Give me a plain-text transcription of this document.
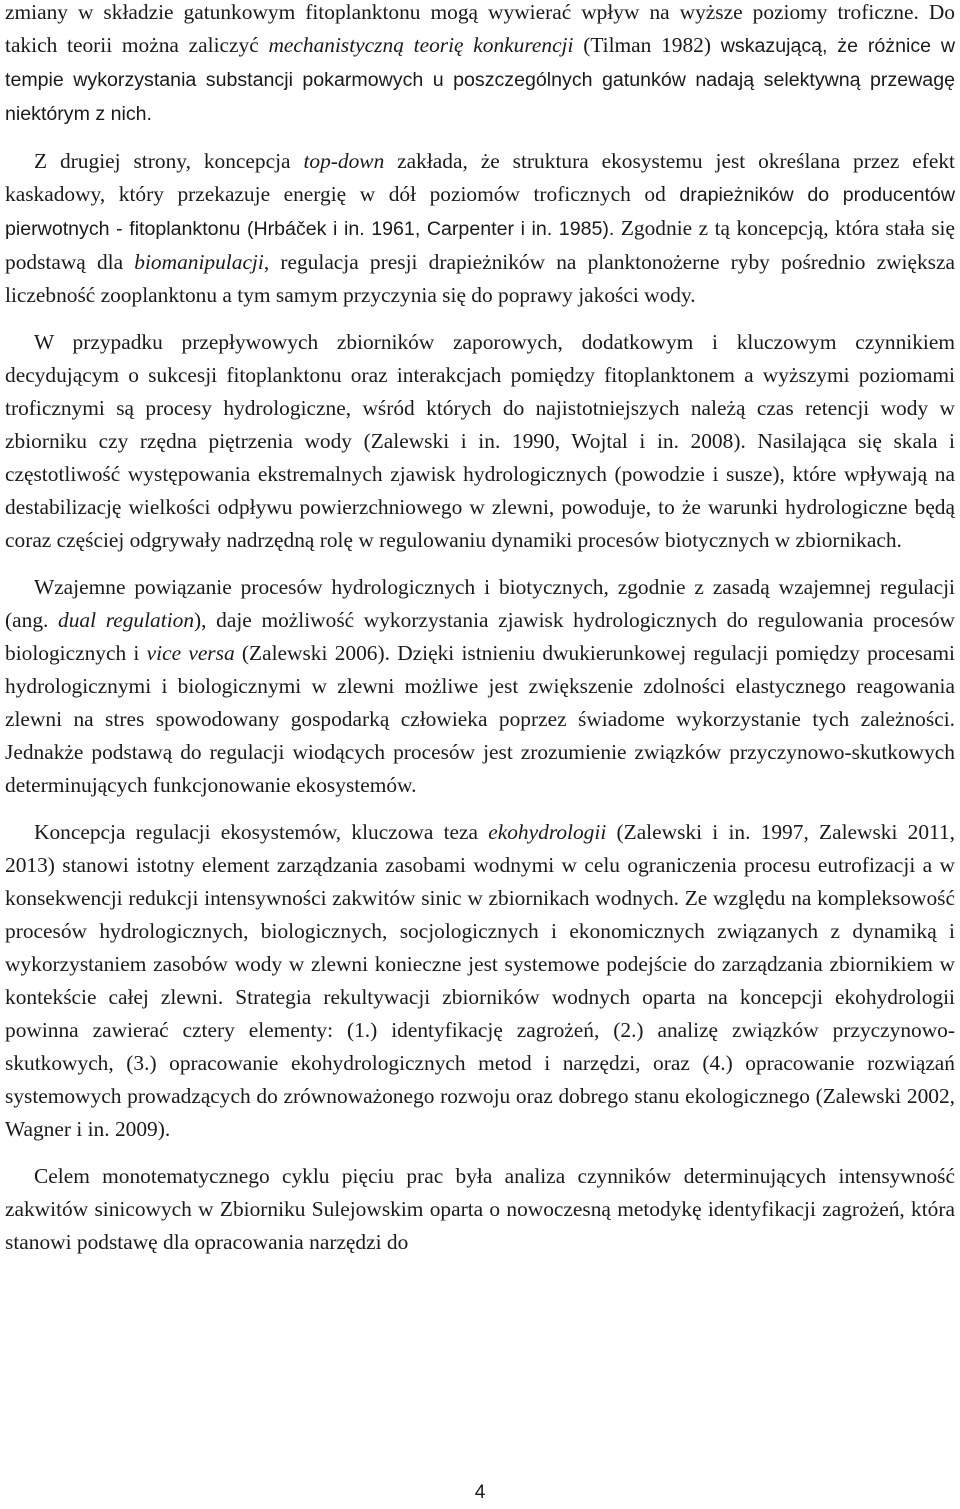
zmiany w składzie gatunkowym fitoplanktonu mogą wywierać wpływ na wyższe poziomy troficzne. Do takich teorii można zaliczyć mechanistyczną teorię konkurencji (Tilman 1982) wskazującą, że różnice w tempie wykorzystania substancji pokarmowych u poszczególnych gatunków nadają selektywną przewagę niektórym z nich.

Z drugiej strony, koncepcja top-down zakłada, że struktura ekosystemu jest określana przez efekt kaskadowy, który przekazuje energię w dół poziomów troficznych od drapieżników do producentów pierwotnych - fitoplanktonu (Hrbáček i in. 1961, Carpenter i in. 1985). Zgodnie z tą koncepcją, która stała się podstawą dla biomanipulacji, regulacja presji drapieżników na planktonożerne ryby pośrednio zwiększa liczebność zooplanktonu a tym samym przyczynia się do poprawy jakości wody.

W przypadku przepływowych zbiorników zaporowych, dodatkowym i kluczowym czynnikiem decydującym o sukcesji fitoplanktonu oraz interakcjach pomiędzy fitoplanktonem a wyższymi poziomami troficznymi są procesy hydrologiczne, wśród których do najistotniejszych należą czas retencji wody w zbiorniku czy rzędna piętrzenia wody (Zalewski i in. 1990, Wojtal i in. 2008). Nasilająca się skala i częstotliwość występowania ekstremalnych zjawisk hydrologicznych (powodzie i susze), które wpływają na destabilizację wielkości odpływu powierzchniowego w zlewni, powoduje, to że warunki hydrologiczne będą coraz częściej odgrywały nadrzędną rolę w regulowaniu dynamiki procesów biotycznych w zbiornikach.

Wzajemne powiązanie procesów hydrologicznych i biotycznych, zgodnie z zasadą wzajemnej regulacji (ang. dual regulation), daje możliwość wykorzystania zjawisk hydrologicznych do regulowania procesów biologicznych i vice versa (Zalewski 2006). Dzięki istnieniu dwukierunkowej regulacji pomiędzy procesami hydrologicznymi i biologicznymi w zlewni możliwe jest zwiększenie zdolności elastycznego reagowania zlewni na stres spowodowany gospodarką człowieka poprzez świadome wykorzystanie tych zależności. Jednakże podstawą do regulacji wiodących procesów jest zrozumienie związków przyczynowo-skutkowych determinujących funkcjonowanie ekosystemów.

Koncepcja regulacji ekosystemów, kluczowa teza ekohydrologii (Zalewski i in. 1997, Zalewski 2011, 2013) stanowi istotny element zarządzania zasobami wodnymi w celu ograniczenia procesu eutrofizacji a w konsekwencji redukcji intensywności zakwitów sinic w zbiornikach wodnych. Ze względu na kompleksowość procesów hydrologicznych, biologicznych, socjologicznych i ekonomicznych związanych z dynamiką i wykorzystaniem zasobów wody w zlewni konieczne jest systemowe podejście do zarządzania zbiornikiem w kontekście całej zlewni. Strategia rekultywacji zbiorników wodnych oparta na koncepcji ekohydrologii powinna zawierać cztery elementy: (1.) identyfikację zagrożeń, (2.) analizę związków przyczynowo-skutkowych, (3.) opracowanie ekohydrologicznych metod i narzędzi, oraz (4.) opracowanie rozwiązań systemowych prowadzących do zrównoważonego rozwoju oraz dobrego stanu ekologicznego (Zalewski 2002, Wagner i in. 2009).

Celem monotematycznego cyklu pięciu prac była analiza czynników determinujących intensywność zakwitów sinicowych w Zbiorniku Sulejowskim oparta o nowoczesną metodykę identyfikacji zagrożeń, która stanowi podstawę dla opracowania narzędzi do

4
